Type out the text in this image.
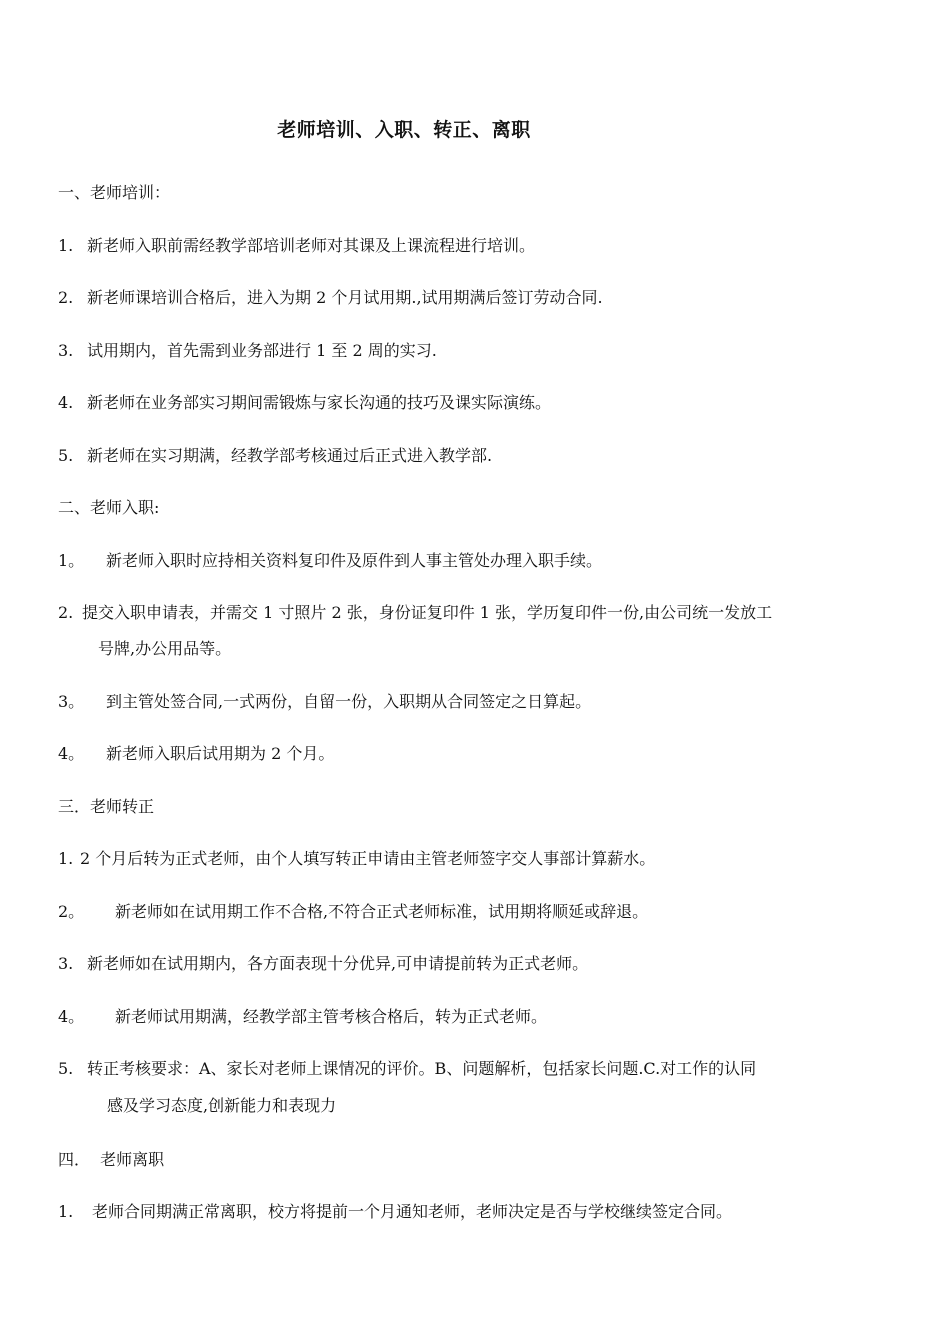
老师培训、入职、转正、离职
一、老师培训：
1. 新老师入职前需经教学部培训老师对其课及上课流程进行培训。
2. 新老师课培训合格后，进入为期 2 个月试用期.,试用期满后签订劳动合同.
3. 试用期内，首先需到业务部进行 1 至 2 周的实习.
4. 新老师在业务部实习期间需锻炼与家长沟通的技巧及课实际演练。
5. 新老师在实习期满，经教学部考核通过后正式进入教学部.
二、老师入职:
1。 新老师入职时应持相关资料复印件及原件到人事主管处办理入职手续。
2. 提交入职申请表，并需交 1 寸照片 2 张，身份证复印件 1 张，学历复印件一份,由公司统一发放工
号牌,办公用品等。
3。 到主管处签合同,一式两份，自留一份，入职期从合同签定之日算起。
4。 新老师入职后试用期为 2 个月。
三．老师转正
1. 2 个月后转为正式老师，由个人填写转正申请由主管老师签字交人事部计算薪水。
2。 新老师如在试用期工作不合格,不符合正式老师标准，试用期将顺延或辞退。
3. 新老师如在试用期内，各方面表现十分优异,可申请提前转为正式老师。
4。 新老师试用期满，经教学部主管考核合格后，转为正式老师。
5. 转正考核要求：A、家长对老师上课情况的评价。B、问题解析，包括家长问题.C.对工作的认同
感及学习态度,创新能力和表现力
四．  老师离职
1. 老师合同期满正常离职，校方将提前一个月通知老师，老师决定是否与学校继续签定合同。
